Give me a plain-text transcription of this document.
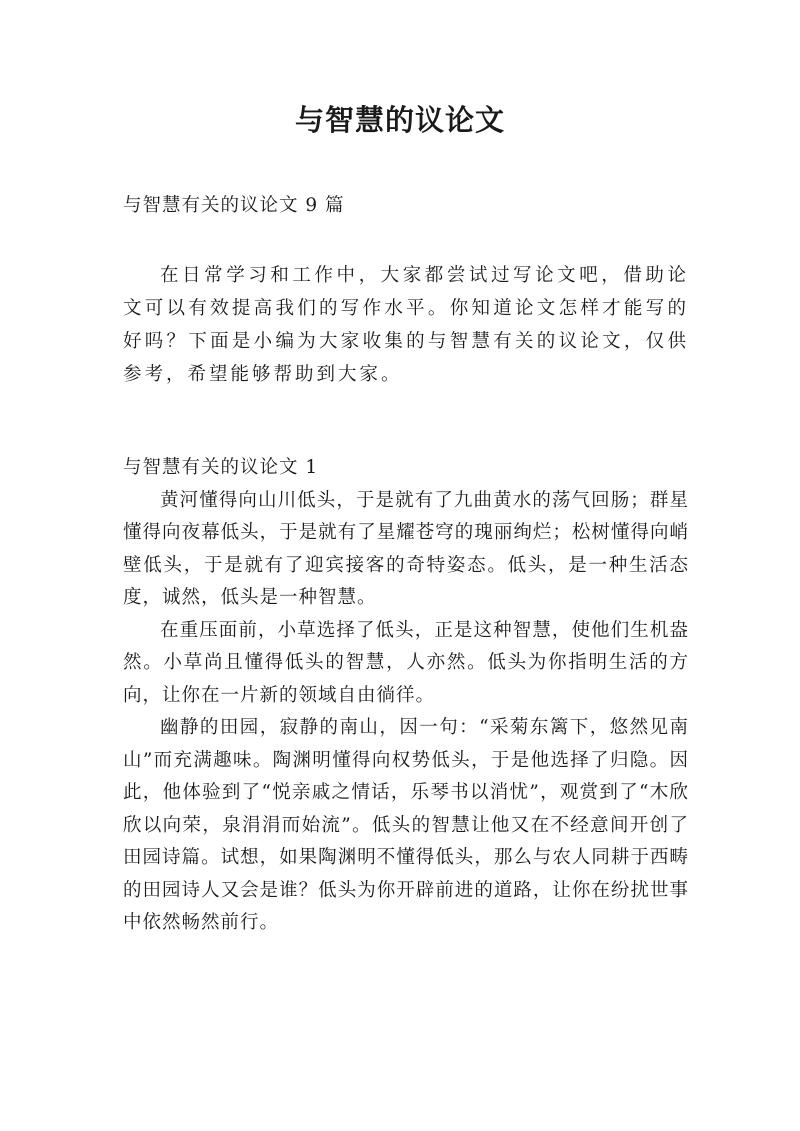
与智慧的议论文
与智慧有关的议论文 9 篇

在日常学习和工作中，大家都尝试过写论文吧，借助论文可以有效提高我们的写作水平。你知道论文怎样才能写的好吗？下面是小编为大家收集的与智慧有关的议论文，仅供参考，希望能够帮助到大家。

与智慧有关的议论文 1

黄河懂得向山川低头，于是就有了九曲黄水的荡气回肠；群星懂得向夜幕低头，于是就有了星耀苍穹的瑰丽绚烂；松树懂得向峭壁低头，于是就有了迎宾接客的奇特姿态。低头，是一种生活态度，诚然，低头是一种智慧。

在重压面前，小草选择了低头，正是这种智慧，使他们生机盎然。小草尚且懂得低头的智慧，人亦然。低头为你指明生活的方向，让你在一片新的领域自由徜徉。

幽静的田园，寂静的南山，因一句：“采菊东篱下，悠然见南山”而充满趣味。陶渊明懂得向权势低头，于是他选择了归隐。因此，他体验到了“悦亲戚之情话，乐琴书以消忧”，观赏到了“木欣欣以向荣，泉涓涓而始流”。低头的智慧让他又在不经意间开创了田园诗篇。试想，如果陶渊明不懂得低头，那么与农人同耕于西畴的田园诗人又会是谁？低头为你开辟前进的道路，让你在纷扰世事中依然畅然前行。
